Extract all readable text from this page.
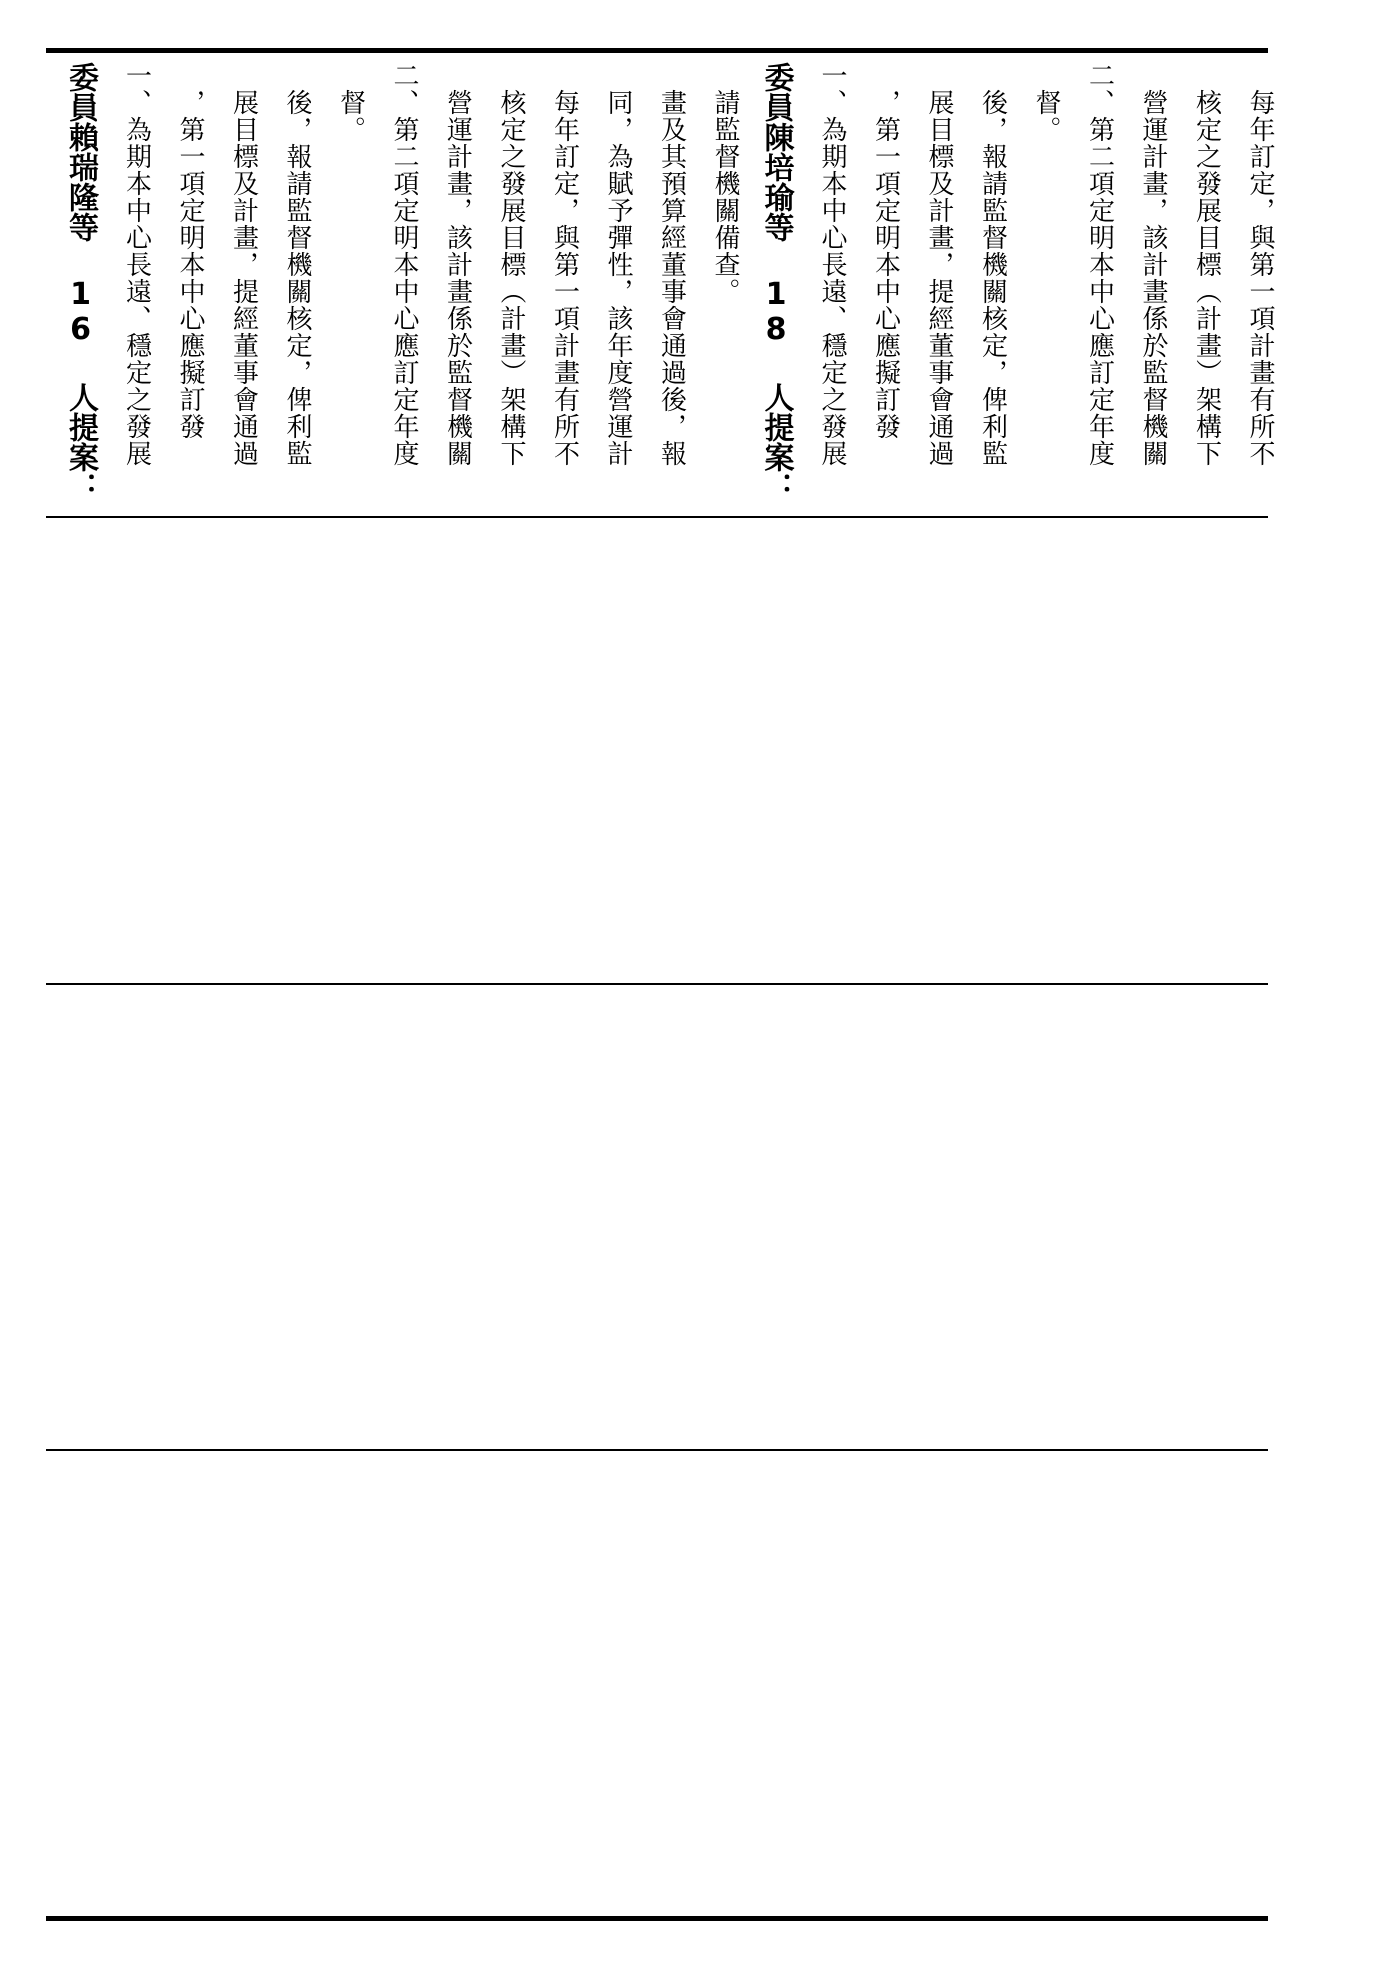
委員賴瑞隆等 16 人提案： 一、為期本中心長遠、穩定之發展 　，第一項定明本中心應擬訂發 　展目標及計畫，提經董事會通過 　後，報請監督機關核定，俾利監 　督。 二、第二項定明本中心應訂定年度 　營運計畫，該計畫係於監督機關 　核定之發展目標（計畫）架構下 　每年訂定，與第一項計畫有所不 　同，為賦予彈性，該年度營運計 　畫及其預算經董事會通過後，報 　請監督機關備查。 委員陳培瑜等 18 人提案： 一、為期本中心長遠、穩定之發展 　，第一項定明本中心應擬訂發 　展目標及計畫，提經董事會通過 　後，報請監督機關核定，俾利監 　督。 二、第二項定明本中心應訂定年度 　營運計畫，該計畫係於監督機關 　核定之發展目標（計畫）架構下 　每年訂定，與第一項計畫有所不
